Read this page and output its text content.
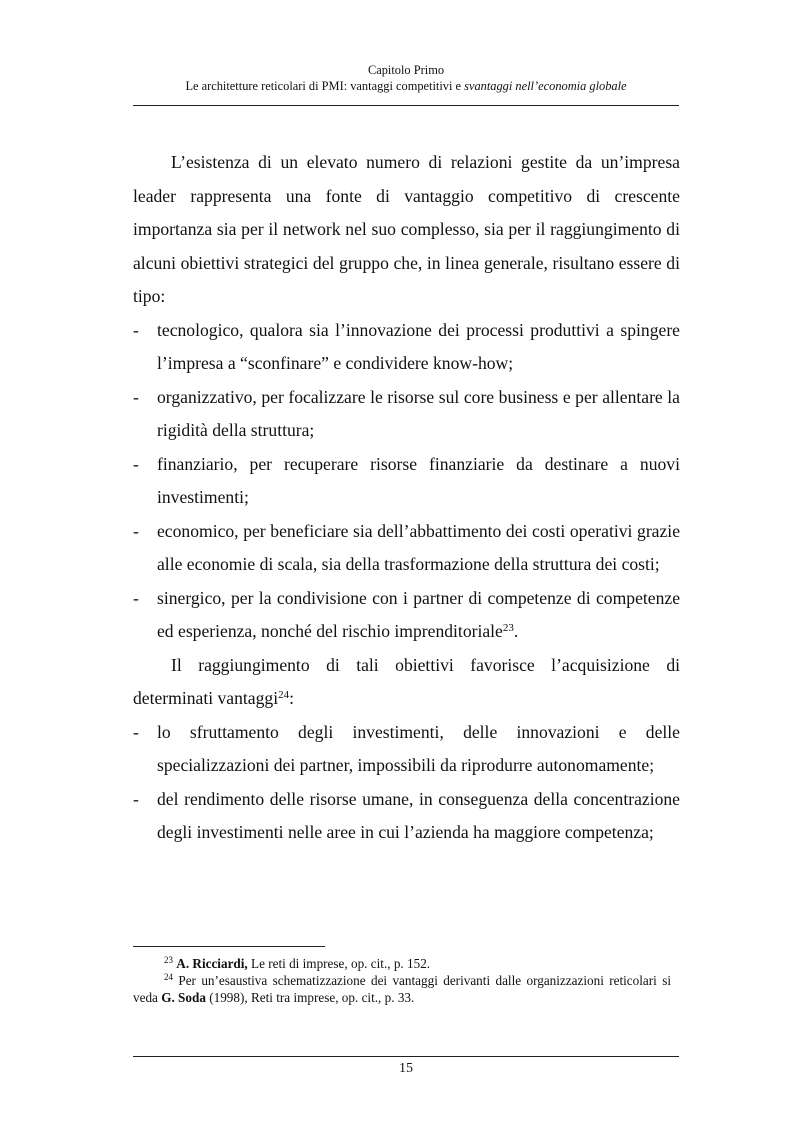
Capitolo Primo
Le architetture reticolari di PMI: vantaggi competitivi e svantaggi nell’economia globale

L’esistenza di un elevato numero di relazioni gestite da un’impresa leader rappresenta una fonte di vantaggio competitivo di crescente importanza sia per il network nel suo complesso, sia per il raggiungimento di alcuni obiettivi strategici del gruppo che, in linea generale, risultano essere di tipo:

- tecnologico, qualora sia l’innovazione dei processi produttivi a spingere l’impresa a “sconfinare” e condividere know-how;
- organizzativo, per focalizzare le risorse sul core business e per allentare la rigidità della struttura;
- finanziario, per recuperare risorse finanziarie da destinare a nuovi investimenti;
- economico, per beneficiare sia dell’abbattimento dei costi operativi grazie alle economie di scala, sia della trasformazione della struttura dei costi;
- sinergico, per la condivisione con i partner di competenze di competenze ed esperienza, nonché del rischio imprenditoriale$^{23}$.

Il raggiungimento di tali obiettivi favorisce l’acquisizione di determinati vantaggi$^{24}$:

- lo sfruttamento degli investimenti, delle innovazioni e delle specializzazioni dei partner, impossibili da riprodurre autonomamente;
- del rendimento delle risorse umane, in conseguenza della concentrazione degli investimenti nelle aree in cui l’azienda ha maggiore competenza;

$^{23}$ A. Ricciardi, Le reti di imprese, op. cit., p. 152.

$^{24}$ Per un’esaustiva schematizzazione dei vantaggi derivanti dalle organizzazioni reticolari si veda G. Soda (1998), Reti tra imprese, op. cit., p. 33.

15
